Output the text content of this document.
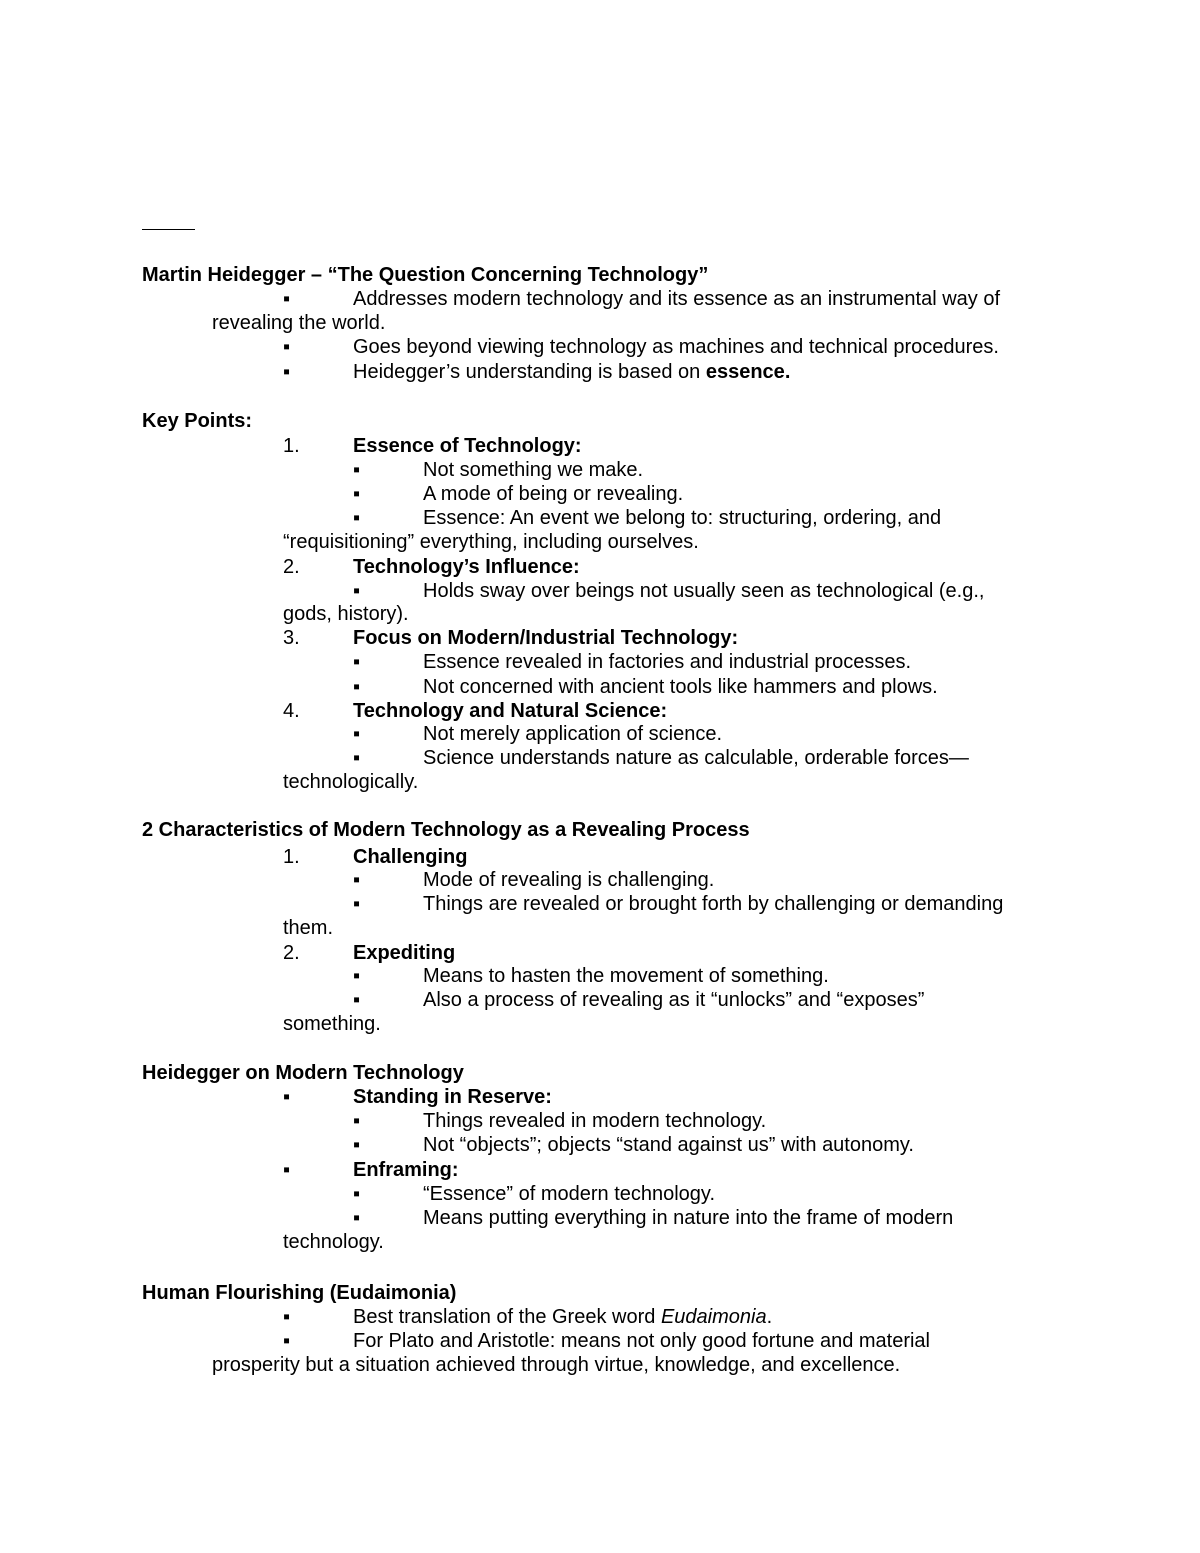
Martin Heidegger – “The Question Concerning Technology”
▪	Addresses modern technology and its essence as an instrumental way of
revealing the world.
▪	Goes beyond viewing technology as machines and technical procedures.
▪	Heidegger’s understanding is based on essence.
Key Points:
1.	Essence of Technology:
▪	Not something we make.
▪	A mode of being or revealing.
▪	Essence: An event we belong to: structuring, ordering, and
“requisitioning” everything, including ourselves.
2.	Technology’s Influence:
▪	Holds sway over beings not usually seen as technological (e.g.,
gods, history).
3.	Focus on Modern/Industrial Technology:
▪	Essence revealed in factories and industrial processes.
▪	Not concerned with ancient tools like hammers and plows.
4.	Technology and Natural Science:
▪	Not merely application of science.
▪	Science understands nature as calculable, orderable forces—
technologically.
2 Characteristics of Modern Technology as a Revealing Process
1.	Challenging
▪	Mode of revealing is challenging.
▪	Things are revealed or brought forth by challenging or demanding
them.
2.	Expediting
▪	Means to hasten the movement of something.
▪	Also a process of revealing as it “unlocks” and “exposes”
something.
Heidegger on Modern Technology
▪	Standing in Reserve:
▪	Things revealed in modern technology.
▪	Not “objects”; objects “stand against us” with autonomy.
▪	Enframing:
▪	“Essence” of modern technology.
▪	Means putting everything in nature into the frame of modern
technology.
Human Flourishing (Eudaimonia)
▪	Best translation of the Greek word Eudaimonia.
▪	For Plato and Aristotle: means not only good fortune and material
prosperity but a situation achieved through virtue, knowledge, and excellence.
